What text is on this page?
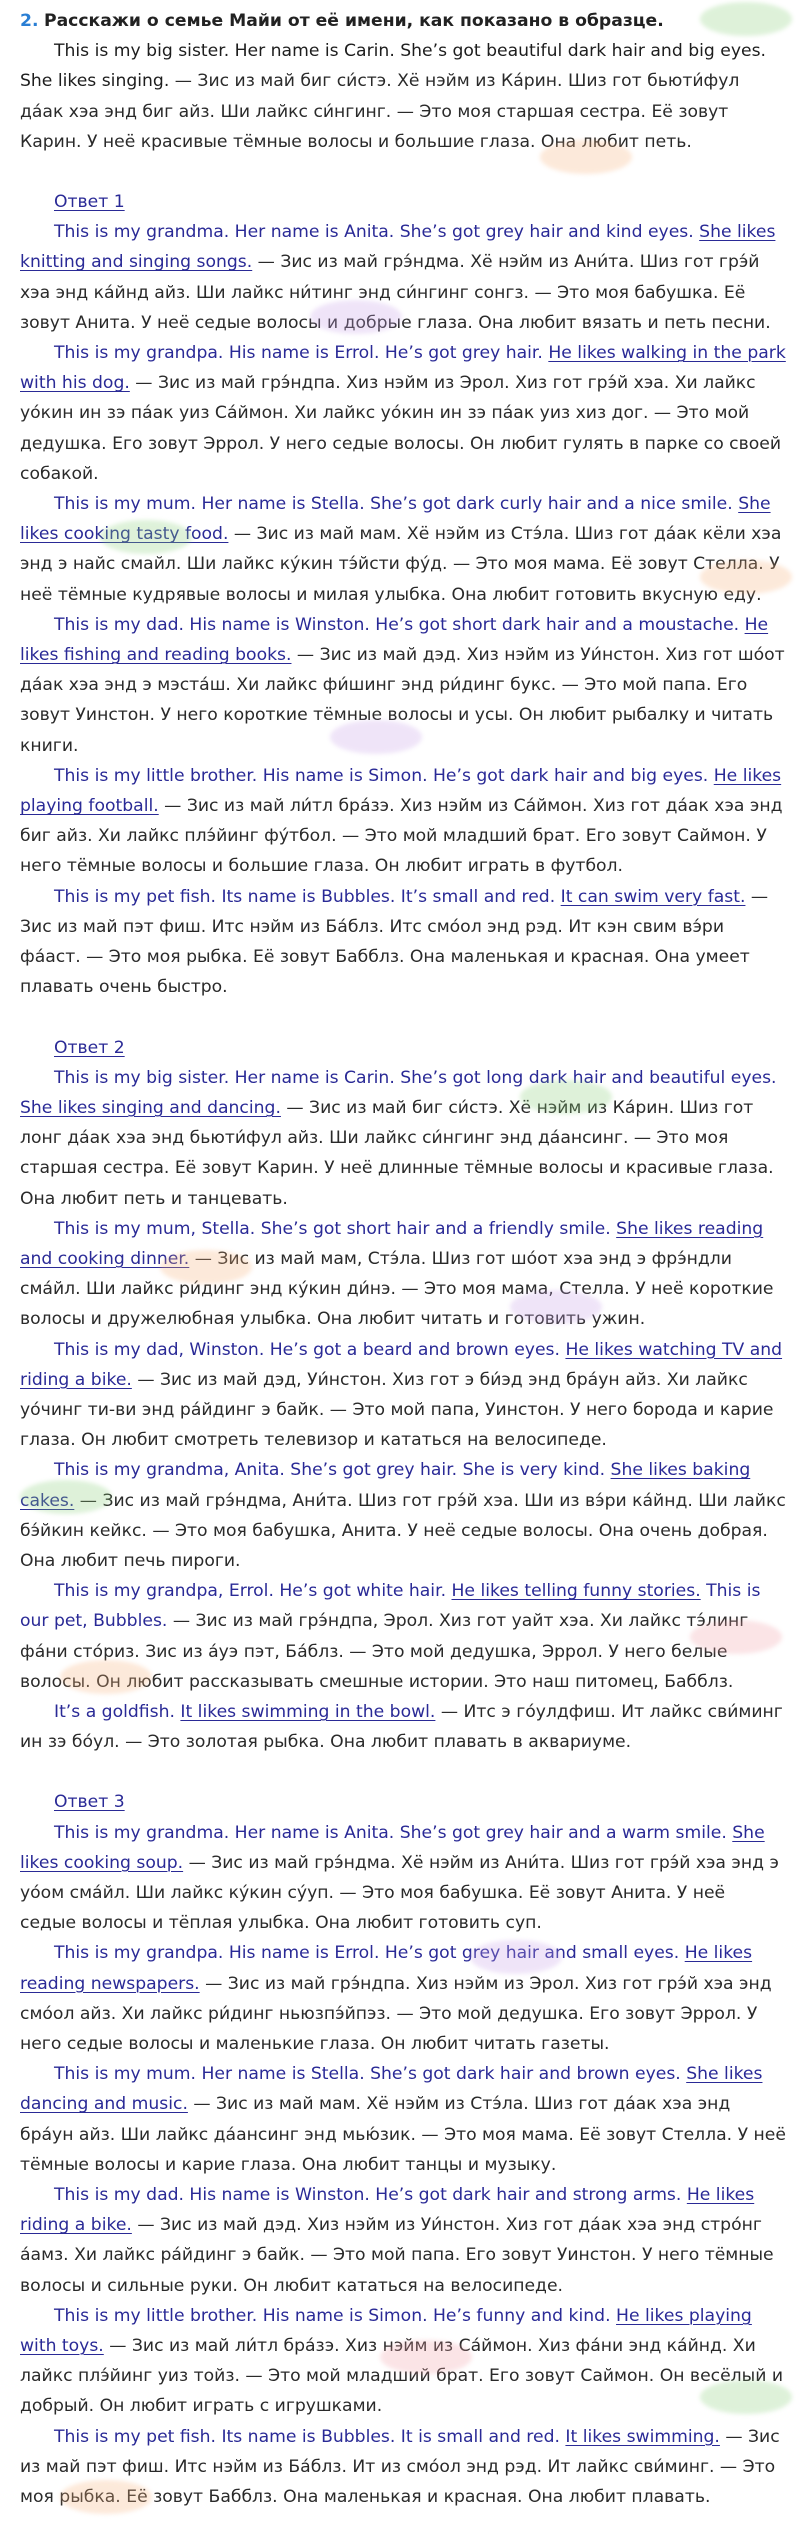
2. Расскажи о семье Майи от её имени, как показано в образце.

This is my big sister. Her name is Carin. She’s got beautiful dark hair and big eyes. She likes singing. — Зис из май биг си́стэ. Хё нэйм из Ка́рин. Шиз гот бьюти́фул да́ак хэа энд биг айз. Ши лайкс си́нгинг. — Это моя старшая сестра. Её зовут Карин. У неё красивые тёмные волосы и большие глаза. Она любит петь.

Ответ 1

This is my grandma. Her name is Anita. She’s got grey hair and kind eyes. She likes knitting and singing songs. — Зис из май грэ́ндма. Хё нэйм из Ани́та. Шиз гот грэ́й хэа энд ка́йнд айз. Ши лайкс ни́тинг энд си́нгинг сонгз. — Это моя бабушка. Её зовут Анита. У неё седые волосы и добрые глаза. Она любит вязать и петь песни.

This is my grandpa. His name is Errol. He’s got grey hair. He likes walking in the park with his dog. — Зис из май грэ́ндпа. Хиз нэйм из Эрол. Хиз гот грэ́й хэа. Хи лайкс уо́кин ин зэ па́ак уиз Са́ймон. Хи лайкс уо́кин ин зэ па́ак уиз хиз дог. — Это мой дедушка. Его зовут Эррол. У него седые волосы. Он любит гулять в парке со своей собакой.

This is my mum. Her name is Stella. She’s got dark curly hair and a nice smile. She likes cooking tasty food. — Зис из май мам. Хё нэйм из Стэ́ла. Шиз гот да́ак кёли хэа энд э найс смайл. Ши лайкс ку́кин тэ́йсти фу́д. — Это моя мама. Её зовут Стелла. У неё тёмные кудрявые волосы и милая улыбка. Она любит готовить вкусную еду.

This is my dad. His name is Winston. He’s got short dark hair and a moustache. He likes fishing and reading books. — Зис из май дэд. Хиз нэйм из Уи́нстон. Хиз гот шо́от да́ак хэа энд э мэста́ш. Хи лайкс фи́шинг энд ри́динг букс. — Это мой папа. Его зовут Уинстон. У него короткие тёмные волосы и усы. Он любит рыбалку и читать книги.

This is my little brother. His name is Simon. He’s got dark hair and big eyes. He likes playing football. — Зис из май ли́тл бра́зэ. Хиз нэйм из Са́ймон. Хиз гот да́ак хэа энд биг айз. Хи лайкс плэ́йинг фу́тбол. — Это мой младший брат. Его зовут Саймон. У него тёмные волосы и большие глаза. Он любит играть в футбол.

This is my pet fish. Its name is Bubbles. It’s small and red. It can swim very fast. — Зис из май пэт фиш. Итс нэйм из Ба́блз. Итс смо́ол энд рэд. Ит кэн свим вэ́ри фа́аст. — Это моя рыбка. Её зовут Бабблз. Она маленькая и красная. Она умеет плавать очень быстро.

Ответ 2

This is my big sister. Her name is Carin. She’s got long dark hair and beautiful eyes. She likes singing and dancing. — Зис из май биг си́стэ. Хё нэйм из Ка́рин. Шиз гот лонг да́ак хэа энд бьюти́фул айз. Ши лайкс си́нгинг энд да́ансинг. — Это моя старшая сестра. Её зовут Карин. У неё длинные тёмные волосы и красивые глаза. Она любит петь и танцевать.

This is my mum, Stella. She’s got short hair and a friendly smile. She likes reading and cooking dinner. — Зис из май мам, Стэ́ла. Шиз гот шо́от хэа энд э фрэ́ндли сма́йл. Ши лайкс ри́динг энд ку́кин ди́нэ. — Это моя мама, Стелла. У неё короткие волосы и дружелюбная улыбка. Она любит читать и готовить ужин.

This is my dad, Winston. He’s got a beard and brown eyes. He likes watching TV and riding a bike. — Зис из май дэд, Уи́нстон. Хиз гот э би́эд энд бра́ун айз. Хи лайкс уо́чинг ти-ви энд ра́йдинг э байк. — Это мой папа, Уинстон. У него борода и карие глаза. Он любит смотреть телевизор и кататься на велосипеде.

This is my grandma, Anita. She’s got grey hair. She is very kind. She likes baking cakes. — Зис из май грэ́ндма, Ани́та. Шиз гот грэ́й хэа. Ши из вэ́ри ка́йнд. Ши лайкс бэ́йкин кейкс. — Это моя бабушка, Анита. У неё седые волосы. Она очень добрая. Она любит печь пироги.

This is my grandpa, Errol. He’s got white hair. He likes telling funny stories. This is our pet, Bubbles. — Зис из май грэ́ндпа, Эрол. Хиз гот уайт хэа. Хи лайкс тэ́линг фа́ни сто́риз. Зис из а́уэ пэт, Ба́блз. — Это мой дедушка, Эррол. У него белые волосы. Он любит рассказывать смешные истории. Это наш питомец, Бабблз.

It’s a goldfish. It likes swimming in the bowl. — Итс э го́улдфиш. Ит лайкс сви́минг ин зэ бо́ул. — Это золотая рыбка. Она любит плавать в аквариуме.

Ответ 3

This is my grandma. Her name is Anita. She’s got grey hair and a warm smile. She likes cooking soup. — Зис из май грэ́ндма. Хё нэйм из Ани́та. Шиз гот грэ́й хэа энд э уо́ом сма́йл. Ши лайкс ку́кин су́уп. — Это моя бабушка. Её зовут Анита. У неё седые волосы и тёплая улыбка. Она любит готовить суп.

This is my grandpa. His name is Errol. He’s got grey hair and small eyes. He likes reading newspapers. — Зис из май грэ́ндпа. Хиз нэйм из Эрол. Хиз гот грэ́й хэа энд смо́ол айз. Хи лайкс ри́динг ньюзпэ́йпэз. — Это мой дедушка. Его зовут Эррол. У него седые волосы и маленькие глаза. Он любит читать газеты.

This is my mum. Her name is Stella. She’s got dark hair and brown eyes. She likes dancing and music. — Зис из май мам. Хё нэйм из Стэ́ла. Шиз гот да́ак хэа энд бра́ун айз. Ши лайкс да́ансинг энд мью́зик. — Это моя мама. Её зовут Стелла. У неё тёмные волосы и карие глаза. Она любит танцы и музыку.

This is my dad. His name is Winston. He’s got dark hair and strong arms. He likes riding a bike. — Зис из май дэд. Хиз нэйм из Уи́нстон. Хиз гот да́ак хэа энд стро́нг а́амз. Хи лайкс ра́йдинг э байк. — Это мой папа. Его зовут Уинстон. У него тёмные волосы и сильные руки. Он любит кататься на велосипеде.

This is my little brother. His name is Simon. He’s funny and kind. He likes playing with toys. — Зис из май ли́тл бра́зэ. Хиз нэйм из Са́ймон. Хиз фа́ни энд ка́йнд. Хи лайкс плэ́йинг уиз тойз. — Это мой младший брат. Его зовут Саймон. Он весёлый и добрый. Он любит играть с игрушками.

This is my pet fish. Its name is Bubbles. It is small and red. It likes swimming. — Зис из май пэт фиш. Итс нэйм из Ба́блз. Ит из смо́ол энд рэд. Ит лайкс сви́минг. — Это моя рыбка. Её зовут Бабблз. Она маленькая и красная. Она любит плавать.
